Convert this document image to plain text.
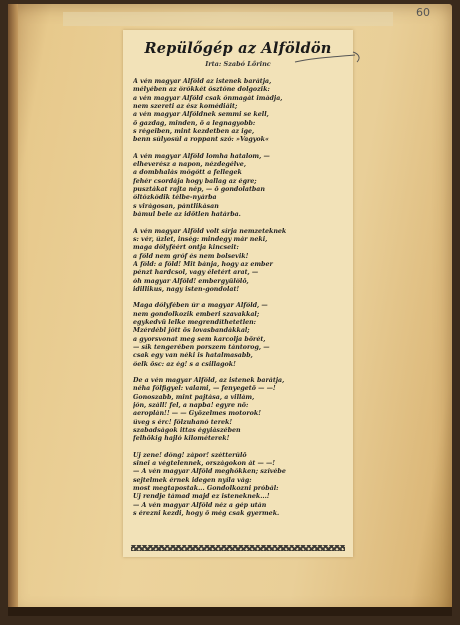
60
Repülőgép az Alföldön
Irta: Szabó Lőrinc
A vén magyar Alföld az istenek barátja,
mélyében az örökkét ösztöne dolgozik:
a vén magyar Alföld csak önmagát imádja,
nem szereti az ész komédiáit;
a vén magyar Alföldnek semmi se kell,
ő gazdag, minden, ő a legnagyobb:
s régeiben, mint kezdetben az ige,
benn súlyosúl a roppant szó: »Vagyok«
A vén magyar Alföld lomha hatalom, —
elheverész a napon, nézdegélve,
a dombhalás mögött a fellegek
fehér csordája hogy ballag az égre;
pusztákat rajta nép, — ő gondolatban
öltözködik télbe-nyárba
s virágosan, pántlikásan
bámul bele az időtlen határba.
A vén magyar Alföld volt sírja nemzeteknek
s: vér, üzlet, inség: mindegy már neki,
maga dölyféért ontja kincseit:
a föld nem gróf és nem bolsevik!
A föld: a föld! Mit bánja, hogy az ember
pénzt hardcsol, vagy életért arat, —
óh magyar Alföld! embergyűlölő,
idillikus, nagy isten-gondolat!
Maga dölyfében úr a magyar Alföld, —
nem gondolkozik emberi szavakkal;
egykedvű lelke megrendíthetetlen:
Mzérdébl jött ős lovasbandákkal;
a gyorsvonat meg sem karcolja bőrét,
— sík tengerében porszem tántorog, —
csak egy van néki is hatalmasabb,
öelk ősc: az ég! s a csillagok!
De a vén magyar Alföld, az istenek barátja,
néha fölfigyel: valami, — fenyegető — —!
Gonoszabb, mint pajtása, a villám,
jön, száll! fel, a napba! egyre nő:
aeroplán!! — — Győzelmes motorok!
üveg s érc! fölzuhanó terek!
szabadságok ittas égyiászében
felhőkig hajló kilométerek!
Uj zene! döng! zápor! szétterülő
sinei a végtelennek, országokon át — —!
— A vén magyar Alföld meghökken; szívébe
sejtelmek érnek idegen nyíla vág:
most megtapostak... Gondolkozni próbál:
Új rendje támad majd ez isteneknek...!
— A vén magyar Alföld néz a gép után
s érezni kezdi, hogy ő még csak gyermek.
